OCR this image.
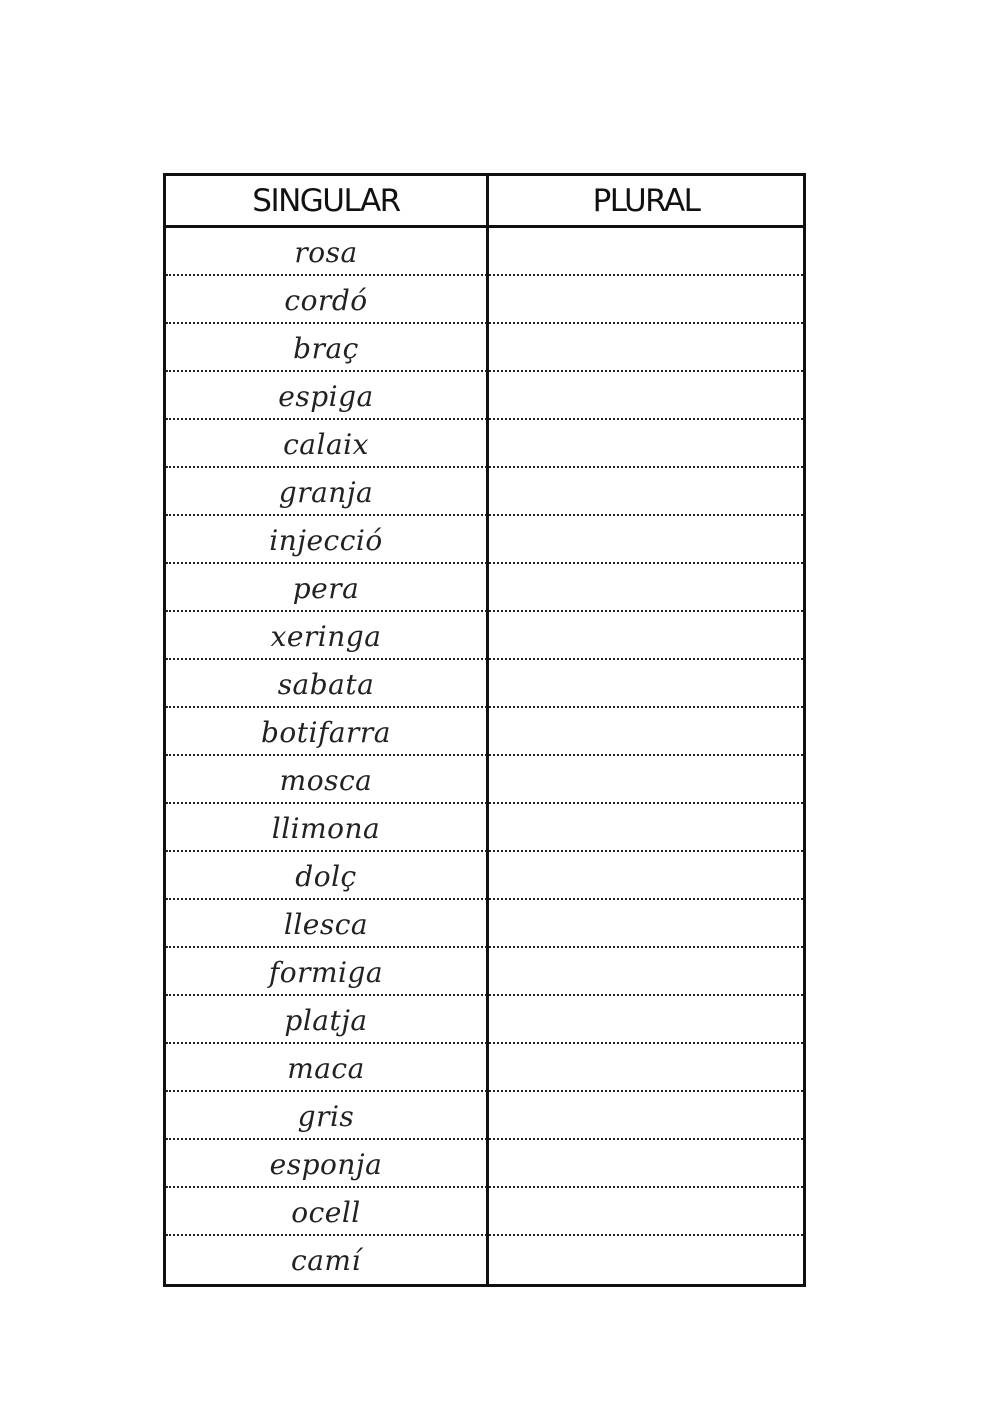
SINGULAR	PLURAL
rosa
cordó
braç
espiga
calaix
granja
injecció
pera
xeringa
sabata
botifarra
mosca
llimona
dolç
llesca
formiga
platja
maca
gris
esponja
ocell
camí
